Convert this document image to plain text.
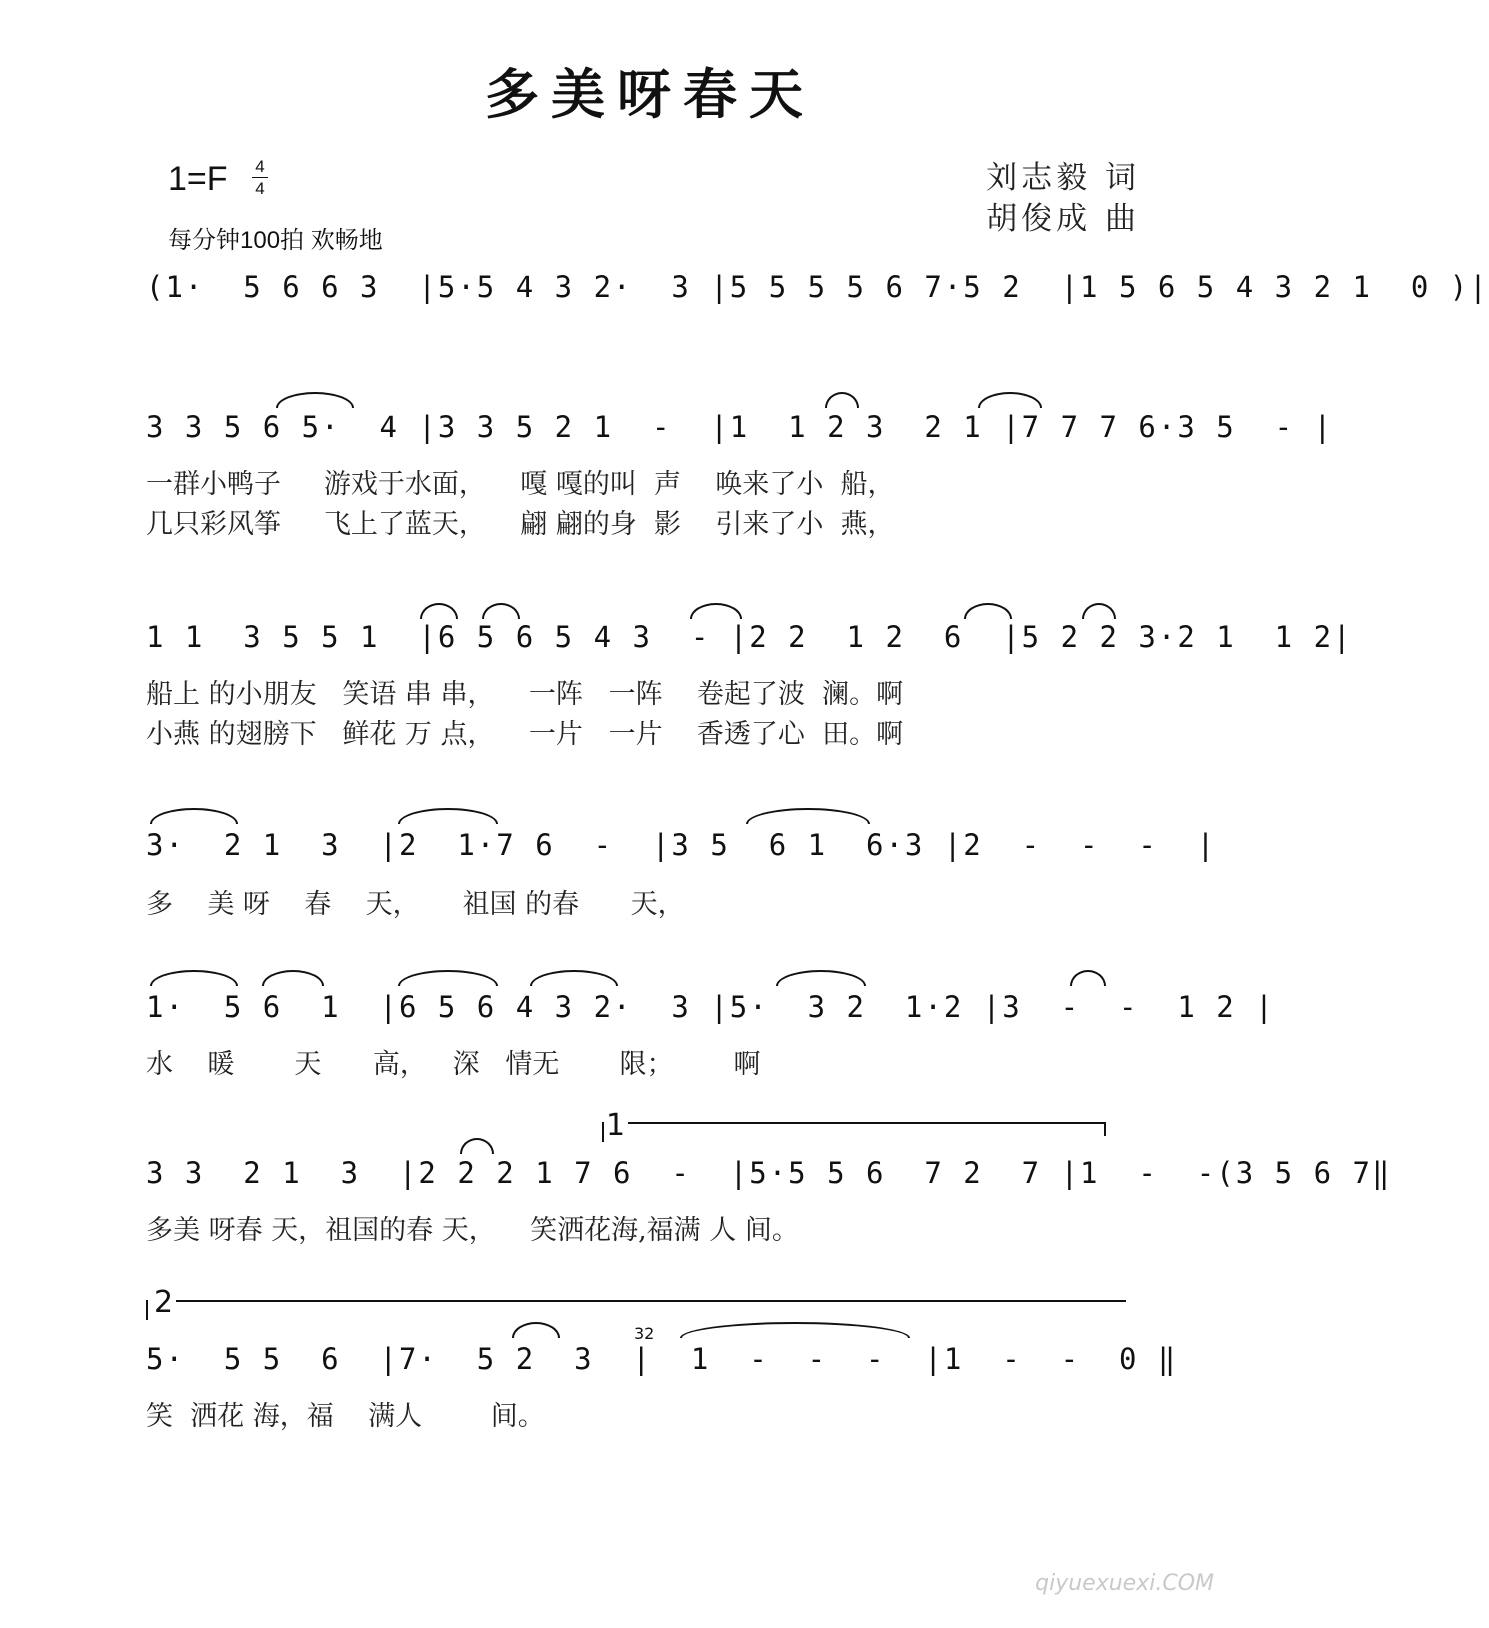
多美呀春天
$1=F \frac{4}{4}$
每分钟100拍 欢畅地
刘志毅 词
胡俊成 曲
(1·  5 6 6 3  |5·5 4 3 2·  3 |5 5 5 5 6 7·5 2  |1 5 6 5 4 3 2 1  0 )|
3 3 5 6 5·  4 |3 3 5 2 1  -  |1  1 2 3  2 1 |7 7 7 6·3 5  - |
一群小鸭子     游戏于水面，    嘎 嘎的叫  声    唤来了小  船，
几只彩风筝     飞上了蓝天，    翩 翩的身  影    引来了小  燕，
1 1  3 5 5 1  |6 5 6 5 4 3  - |2 2  1 2  6  |5 2 2 3·2 1  1 2|
船上 的小朋友   笑语 串 串，    一阵   一阵    卷起了波  澜。啊
小燕 的翅膀下   鲜花 万 点，    一片   一片    香透了心  田。啊
3·  2 1  3  |2  1·7 6  -  |3 5  6 1  6·3 |2  -  -  -  |
多    美 呀    春    天，     祖国 的春      天，
1·  5 6  1  |6 5 6 4 3 2·  3 |5·  3 2  1·2 |3  -  -  1 2 |
水    暖       天      高，   深   情无       限；       啊
1
3 3  2 1  3  |2 2 2 1 7 6  -  |5·5 5 6  7 2  7 |1  -  -(3 5 6 7‖
多美 呀春 天，祖国的春 天，    笑洒花海,福满 人 间。
2
32
5·  5 5  6  |7·  5 2  3  |  1  -  -  -  |1  -  -  0 ‖
笑  洒花 海，福    满人        间。
qiyuexuexi.COM
